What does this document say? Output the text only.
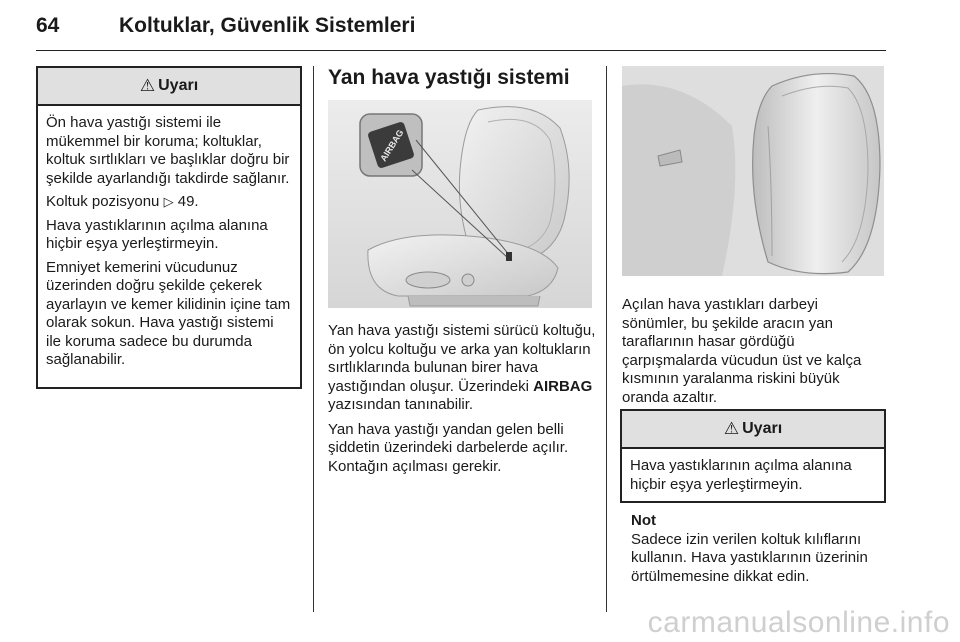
64	Koltuklar, Güvenlik Sistemleri
⚠ Uyarı

Ön hava yastığı sistemi ile mükemmel bir koruma; koltuklar, koltuk sırtlıkları ve başlıklar doğru bir şekilde ayarlandığı takdirde sağlanır.

Koltuk pozisyonu ▷ 49.

Hava yastıklarının açılma alanına hiçbir eşya yerleştirmeyin.

Emniyet kemerini vücudunuz üzerinden doğru şekilde çekerek ayarlayın ve kemer kilidinin içine tam olarak sokun. Hava yastığı sistemi ile koruma sadece bu durumda sağlanabilir.

Yan hava yastığı sistemi
AIRBAG

Yan hava yastığı sistemi sürücü koltuğu, ön yolcu koltuğu ve arka yan koltukların sırtlıklarında bulunan birer hava yastığından oluşur. Üzerindeki AIRBAG yazısından tanınabilir.

Yan hava yastığı yandan gelen belli şiddetin üzerindeki darbelerde açılır. Kontağın açılması gerekir.

Açılan hava yastıkları darbeyi sönümler, bu şekilde aracın yan taraflarının hasar gördüğü çarpışmalarda vücudun üst ve kalça kısmının yaralanma riskini büyük oranda azaltır.
⚠ Uyarı
Hava yastıklarının açılma alanına hiçbir eşya yerleştirmeyin.
Not
Sadece izin verilen koltuk kılıflarını kullanın. Hava yastıklarının üzerinin örtülmemesine dikkat edin.
carmanualsonline.info
